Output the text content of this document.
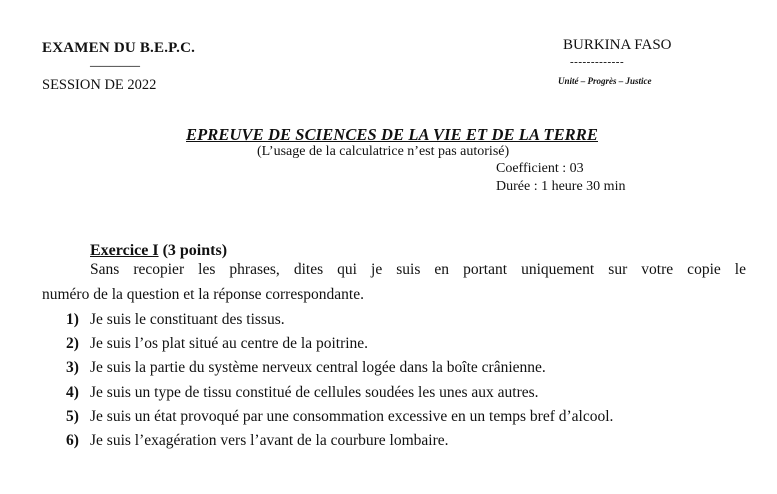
EXAMEN DU B.E.P.C.
―――――
SESSION DE 2022
BURKINA FASO
-------------
Unité – Progrès – Justice
EPREUVE DE SCIENCES DE LA VIE ET DE LA TERRE
(L’usage de la calculatrice n’est pas autorisé)
Coefficient : 03
Durée : 1 heure 30 min
Exercice I (3 points)
Sans recopier les phrases, dites qui je suis en portant uniquement sur votre copie le
numéro de la question et la réponse correspondante.
1) Je suis le constituant des tissus.
2) Je suis l’os plat situé au centre de la poitrine.
3) Je suis la partie du système nerveux central logée dans la boîte crânienne.
4) Je suis un type de tissu constitué de cellules soudées les unes aux autres.
5) Je suis un état provoqué par une consommation excessive en un temps bref d’alcool.
6) Je suis l’exagération vers l’avant de la courbure lombaire.
